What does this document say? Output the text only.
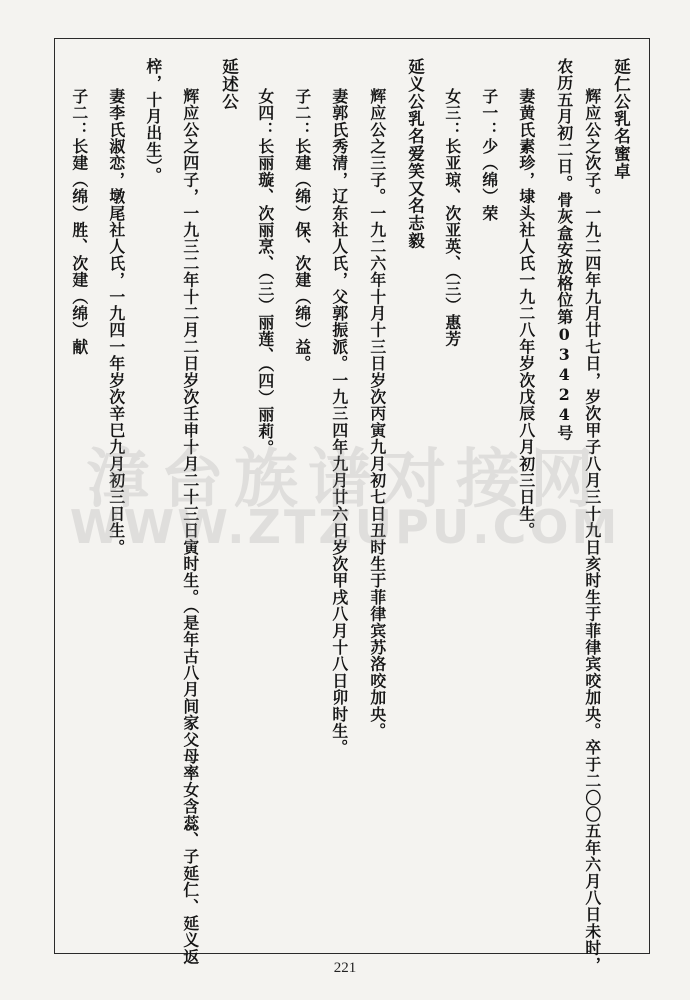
延仁公乳名蜜卓
辉应公之次子。一九二四年九月廿七日，岁次甲子八月三十九日亥时生于菲律宾咬加央。卒于二〇〇五年六月八日未时，
农历五月初二日。骨灰盒安放格位第03424号
妻黄氏素珍，埭头社人氏一九二八年岁次戊辰八月初三日生。
子一：少（绵）荣
女三：长亚琼、次亚英、（三）惠芳
延义公乳名爱笑又名志毅
辉应公之三子。一九二六年十月十三日岁次丙寅九月初七日丑时生于菲律宾苏洛咬加央。
妻郭氏秀清，辽东社人氏，父郭振派。一九三四年九月廿六日岁次甲戌八月十八日卯时生。
子二：长建（绵）保、次建（绵）益。
女四：长丽璇、次丽烹、（三）丽莲、（四）丽莉。
延述公
辉应公之四子，一九三二年十二月二日岁次壬申十月二十三日寅时生。（是年古八月间家父母率女含蕊、子延仁、延义返
梓，十月出生）。
妻李氏淑恋，墩尾社人氏，一九四一年岁次辛巳九月初三日生。
子二：长建（绵）胜、次建（绵）献
漳台族谱对接网
WWW.ZTZUPU.COM
221
